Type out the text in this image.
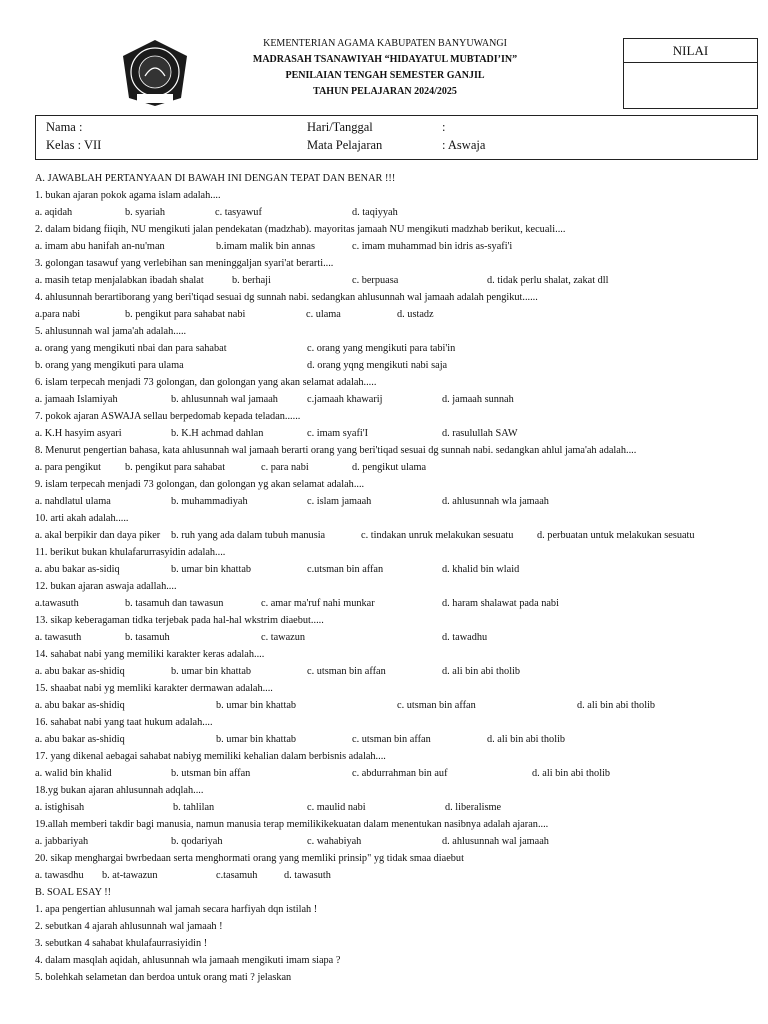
KEMENTERIAN AGAMA KABUPATEN BANYUWANGI
MADRASAH TSANAWIYAH “HIDAYATUL MUBTADI’IN”
PENILAIAN TENGAH SEMESTER GANJIL
TAHUN PELAJARAN 2024/2025
NILAI
Nama :
Kelas : VII
Hari/Tanggal	:
Mata Pelajaran	: Aswaja
A. JAWABLAH PERTANYAAN DI BAWAH INI DENGAN TEPAT DAN BENAR !!!
1. bukan ajaran pokok agama islam adalah....
a. aqidah	b. syariah	c. tasyawuf	d. taqiyyah
2. dalam bidang fiiqih, NU mengikuti jalan pendekatan (madzhab). mayoritas jamaah NU mengikuti madzhab berikut, kecuali....
a. imam abu hanifah an-nu'man	b.imam malik bin annas	c. imam muhammad bin idris as-syafi'i
3. golongan tasawuf yang verlebihan san meninggaljan syari'at berarti....
a. masih tetap menjalabkan ibadah shalat	b. berhaji	c. berpuasa	d. tidak perlu shalat, zakat dll
4. ahlusunnah berartiborang yang beri'tiqad sesuai dg sunnah nabi. sedangkan ahlusunnah wal jamaah adalah pengikut......
a.para nabi	b. pengikut para sahabat nabi	c. ulama	d. ustadz
5. ahlusunnah wal jama'ah adalah.....
a. orang yang mengikuti nbai dan para sahabat	c. orang yang mengikuti para tabi'in
b. orang yang mengikuti para ulama	d. orang yqng mengikuti nabi saja
6. islam terpecah menjadi 73 golongan, dan golongan yang akan selamat adalah.....
a. jamaah Islamiyah	b. ahlusunnah wal jamaah	c.jamaah khawarij	d. jamaah sunnah
7. pokok ajaran ASWAJA sellau berpedomab kepada teladan......
a. K.H hasyim asyari	b. K.H achmad dahlan	c. imam syafi'I	d. rasulullah SAW
8. Menurut pengertian bahasa, kata ahlusunnah wal jamaah berarti orang yang beri'tiqad sesuai dg sunnah nabi. sedangkan ahlul jama'ah adalah....
a. para pengikut b. pengikut para sahabat	c. para nabi	d. pengikut ulama
9. islam terpecah menjadi 73 golongan, dan golongan yg akan selamat adalah....
a. nahdlatul ulama	b. muhammadiyah	c. islam jamaah	d. ahlusunnah wla jamaah
10. arti akah adalah.....
a. akal berpikir dan daya piker b. ruh yang ada dalam tubuh manusia	c. tindakan unruk melakukan sesuatu d. perbuatan untuk melakukan sesuatu
11. berikut bukan khulafarurrasyidin adalah....
a. abu bakar as-sidiq	b. umar bin khattab	c.utsman bin affan	d. khalid bin wlaid
12. bukan ajaran aswaja adallah....
a.tawasuth	b. tasamuh dan tawasun	c. amar ma'ruf nahi munkar	d. haram shalawat pada nabi
13. sikap keberagaman tidka terjebak pada hal-hal wkstrim diaebut.....
a. tawasuth	b. tasamuh	c. tawazun	d. tawadhu
14. sahabat nabi yang memiliki karakter keras adalah....
a. abu bakar as-shidiq	b. umar bin khattab	c. utsman bin affan	d. ali bin abi tholib
15. shaabat nabi yg memliki karakter dermawan adalah....
a. abu bakar as-shidiq	b. umar bin khattab	c. utsman bin affan	d. ali bin abi tholib
16. sahabat nabi yang taat hukum adalah....
a. abu bakar as-shidiq	b. umar bin khattab	c. utsman bin affan	d. ali bin abi tholib
17. yang dikenal aebagai sahabat nabiyg memiliki kehalian dalam berbisnis adalah....
a. walid bin khalid	b. utsman bin affan	c. abdurrahman bin auf	d. ali bin abi tholib
18.yg bukan ajaran ahlusunnah adqlah....
a. istighisah	b. tahlilan	c. maulid nabi	d. liberalisme
19.allah memberi takdir bagi manusia, namun manusia terap memilikikekuatan dalam menentukan nasibnya adalah ajaran....
a. jabbariyah	b. qodariyah	c. wahabiyah	d. ahlusunnah wal jamaah
20. sikap menghargai bwrbedaan serta menghormati orang yang memliki prinsip" yg tidak smaa diaebut
a. tawasdhu b. at-tawazun	c.tasamuh	d. tawasuth
B. SOAL ESAY !!
1. apa pengertian ahlusunnah wal jamah secara harfiyah dqn istilah !
2. sebutkan 4 ajarah ahlusunnah wal jamaah !
3. sebutkan 4 sahabat khulafaurrasiyidin !
4. dalam masqlah aqidah, ahlusunnah wla jamaah mengikuti imam siapa ?
5. bolehkah selametan dan berdoa untuk orang mati ? jelaskan
